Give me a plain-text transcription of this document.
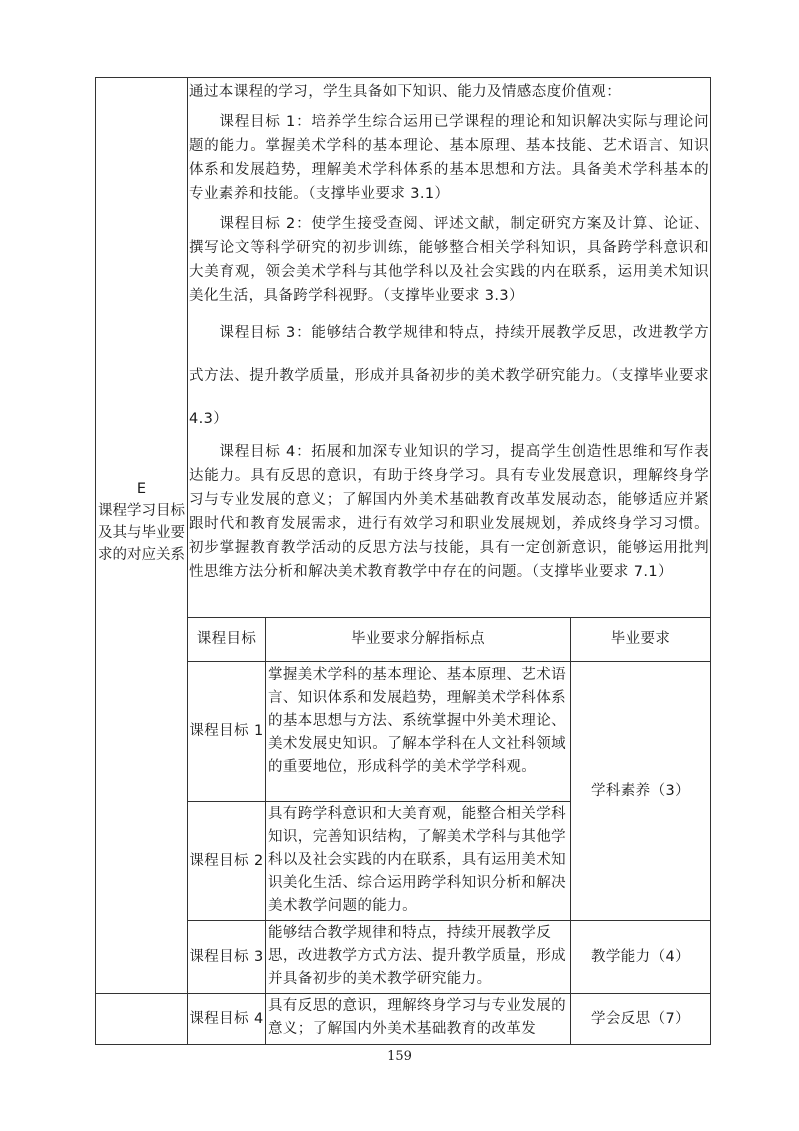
E
课程学习目标及其与毕业要求的对应关系
通过本课程的学习，学生具备如下知识、能力及情感态度价值观：
课程目标 1：培养学生综合运用已学课程的理论和知识解决实际与理论问题的能力。掌握美术学科的基本理论、基本原理、基本技能、艺术语言、知识体系和发展趋势，理解美术学科体系的基本思想和方法。具备美术学科基本的专业素养和技能。（支撑毕业要求 3.1）
课程目标 2：使学生接受查阅、评述文献，制定研究方案及计算、论证、撰写论文等科学研究的初步训练，能够整合相关学科知识，具备跨学科意识和大美育观，领会美术学科与其他学科以及社会实践的内在联系，运用美术知识美化生活，具备跨学科视野。（支撑毕业要求 3.3）
课程目标 3：能够结合教学规律和特点，持续开展教学反思，改进教学方式方法、提升教学质量，形成并具备初步的美术教学研究能力。（支撑毕业要求 4.3）
课程目标 4：拓展和加深专业知识的学习，提高学生创造性思维和写作表达能力。具有反思的意识，有助于终身学习。具有专业发展意识，理解终身学习与专业发展的意义；了解国内外美术基础教育改革发展动态，能够适应并紧跟时代和教育发展需求，进行有效学习和职业发展规划，养成终身学习习惯。初步掌握教育教学活动的反思方法与技能，具有一定创新意识，能够运用批判性思维方法分析和解决美术教育教学中存在的问题。（支撑毕业要求 7.1）
课程目标	毕业要求分解指标点	毕业要求
课程目标 1
掌握美术学科的基本理论、基本原理、艺术语言、知识体系和发展趋势，理解美术学科体系的基本思想与方法、系统掌握中外美术理论、美术发展史知识。了解本学科在人文社科领域的重要地位，形成科学的美术学学科观。
学科素养（3）
课程目标 2
具有跨学科意识和大美育观，能整合相关学科知识，完善知识结构，了解美术学科与其他学科以及社会实践的内在联系，具有运用美术知识美化生活、综合运用跨学科知识分析和解决美术教学问题的能力。
课程目标 3
能够结合教学规律和特点，持续开展教学反思，改进教学方式方法、提升教学质量，形成并具备初步的美术教学研究能力。
教学能力（4）
课程目标 4
具有反思的意识，理解终身学习与专业发展的意义；了解国内外美术基础教育的改革发
学会反思（7）
159
